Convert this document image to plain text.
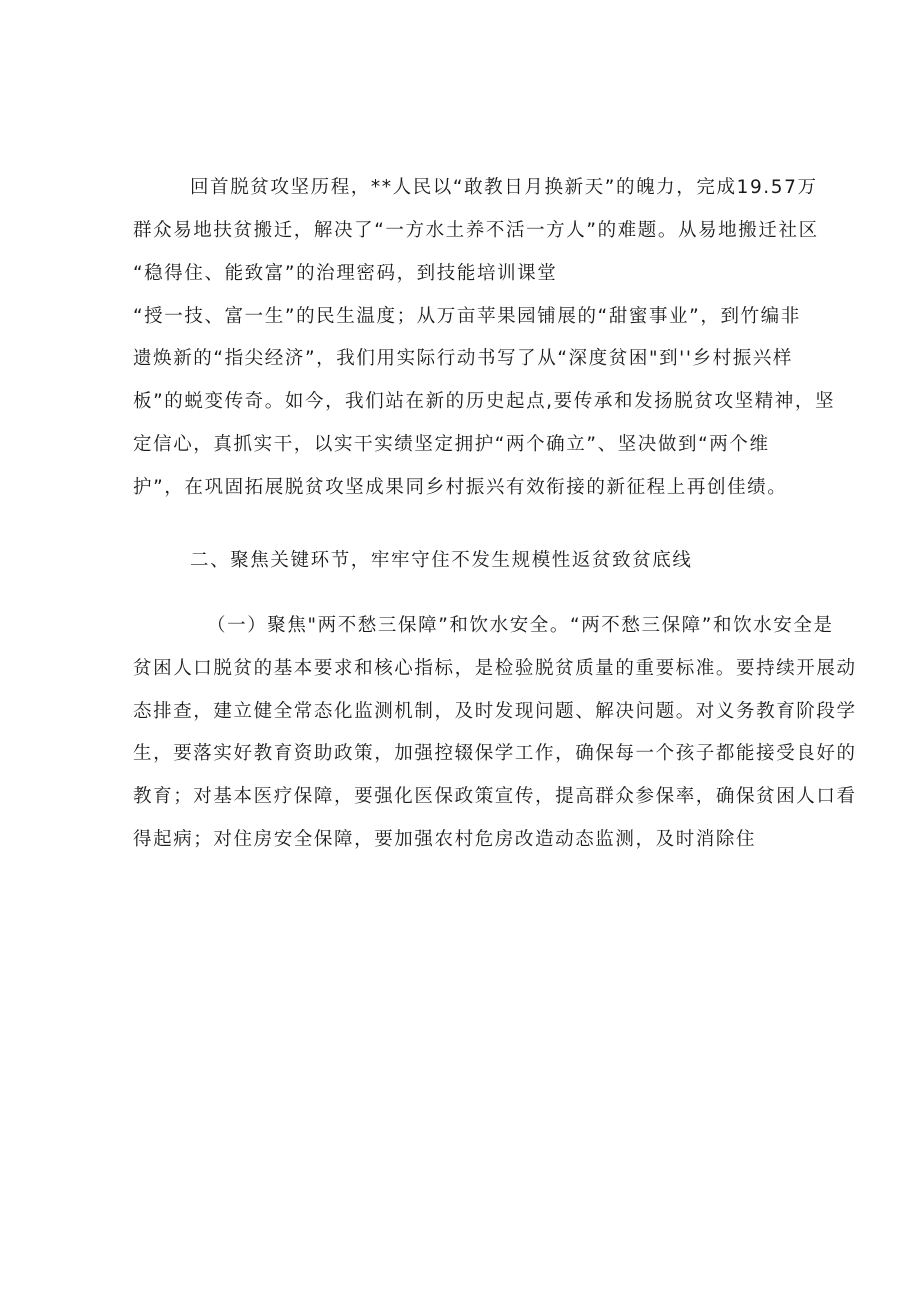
回首脱贫攻坚历程，**人民以“敢教日月换新天”的魄力，完成19.57万
群众易地扶贫搬迁，解决了“一方水土养不活一方人”的难题。从易地搬迁社区
“稳得住、能致富”的治理密码，到技能培训课堂
“授一技、富一生”的民生温度；从万亩苹果园铺展的“甜蜜事业”，到竹编非
遗焕新的“指尖经济”，我们用实际行动书写了从“深度贫困"到''乡村振兴样
板”的蜕变传奇。如今，我们站在新的历史起点,要传承和发扬脱贫攻坚精神，坚
定信心，真抓实干，以实干实绩坚定拥护“两个确立”、坚决做到“两个维
护”，在巩固拓展脱贫攻坚成果同乡村振兴有效衔接的新征程上再创佳绩。
二、聚焦关键环节，牢牢守住不发生规模性返贫致贫底线
（一）聚焦"两不愁三保障”和饮水安全。“两不愁三保障”和饮水安全是
贫困人口脱贫的基本要求和核心指标，是检验脱贫质量的重要标准。要持续开展动
态排查，建立健全常态化监测机制，及时发现问题、解决问题。对义务教育阶段学
生，要落实好教育资助政策，加强控辍保学工作，确保每一个孩子都能接受良好的
教育；对基本医疗保障，要强化医保政策宣传，提高群众参保率，确保贫困人口看
得起病；对住房安全保障，要加强农村危房改造动态监测，及时消除住
